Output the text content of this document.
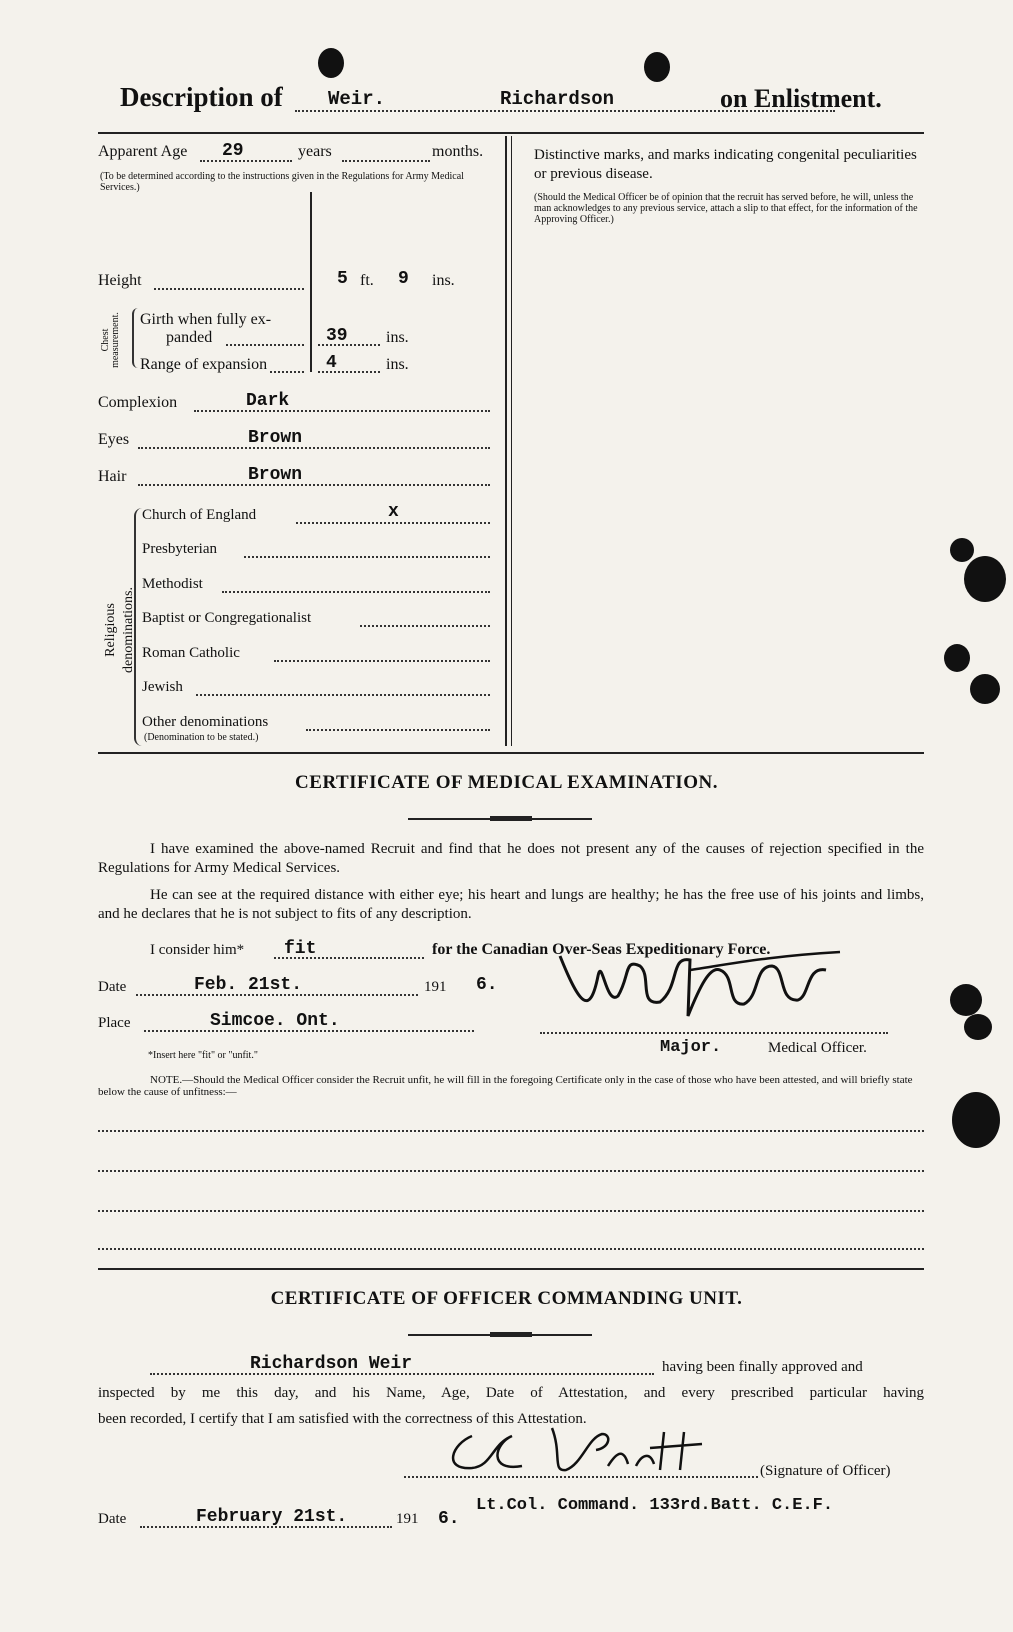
Description of Weir.	Richardson	on Enlistment.
Apparent Age 29	years	months.
(To be determined according to the instructions given in the Regulations for Army Medical Services.)
Height	5 ft. 9 ins.
Chest measurement. Girth when fully ex-
panded	39 ins.
Range of expansion	4	ins.
Complexion	Dark
Eyes	Brown
Hair	Brown
Religious denominations.
Church of England	x
Presbyterian
Methodist
Baptist or Congregationalist
Roman Catholic
Jewish
Other denominations
(Denomination to be stated.)
Distinctive marks, and marks indicating congenital peculiarities or previous disease.
(Should the Medical Officer be of opinion that the recruit has served before, he will, unless the man acknowledges to any previous service, attach a slip to that effect, for the information of the Approving Officer.)
CERTIFICATE OF MEDICAL EXAMINATION.
I have examined the above-named Recruit and find that he does not present any of the causes of rejection specified in the Regulations for Army Medical Services.
He can see at the required distance with either eye; his heart and lungs are healthy; he has the free use of his joints and limbs, and he declares that he is not subject to fits of any description.
I consider him* fit	for the Canadian Over-Seas Expeditionary Force.
Date	Feb. 21st.	191 6.
Place	Simcoe. Ont.
*Insert here "fit" or "unfit."	Major.	Medical Officer.
NOTE.—Should the Medical Officer consider the Recruit unfit, he will fill in the foregoing Certificate only in the case of those who have been attested, and will briefly state below the cause of unfitness:—
CERTIFICATE OF OFFICER COMMANDING UNIT.
Richardson Weir	having been finally approved and
inspected by me this day, and his Name, Age, Date of Attestation, and every prescribed particular having
been recorded, I certify that I am satisfied with the correctness of this Attestation.
(Signature of Officer)
Date	February 21st.	191 6.
Lt.Col. Command. 133rd.Batt. C.E.F.
